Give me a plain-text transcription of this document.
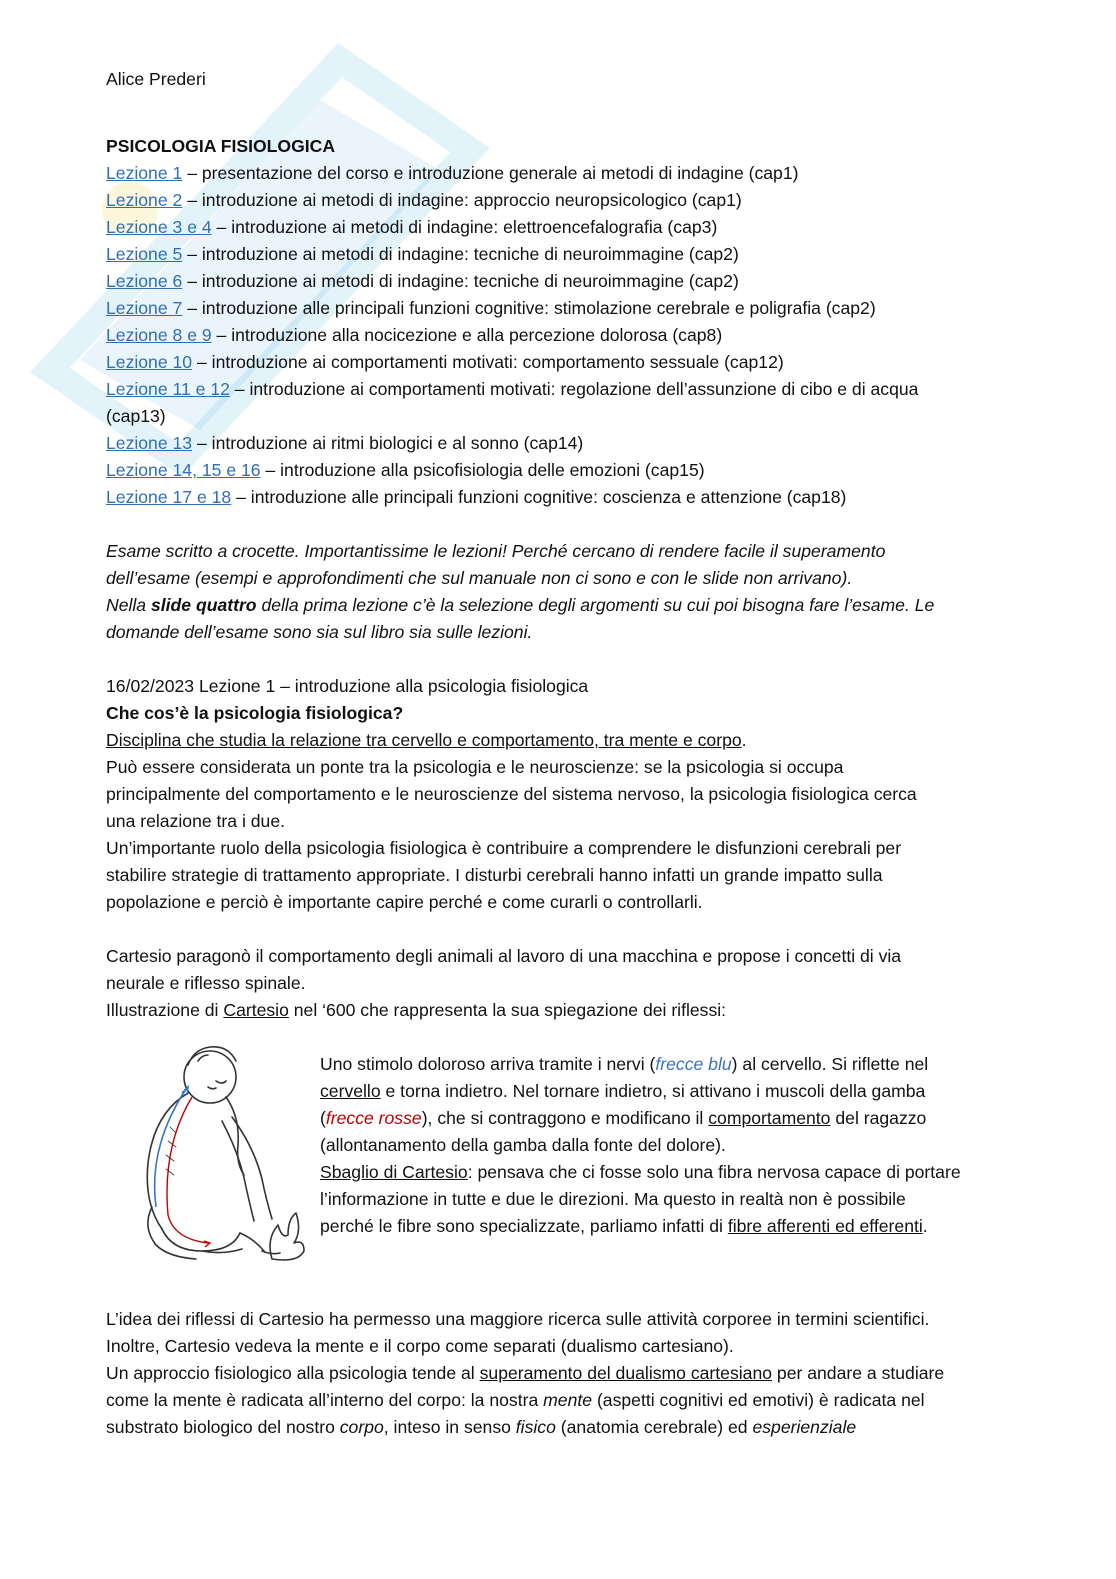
Alice Prederi
PSICOLOGIA FISIOLOGICA
Lezione 1 – presentazione del corso e introduzione generale ai metodi di indagine (cap1)
Lezione 2 – introduzione ai metodi di indagine: approccio neuropsicologico (cap1)
Lezione 3 e 4 – introduzione ai metodi di indagine: elettroencefalografia (cap3)
Lezione 5 – introduzione ai metodi di indagine: tecniche di neuroimmagine (cap2)
Lezione 6 – introduzione ai metodi di indagine: tecniche di neuroimmagine (cap2)
Lezione 7 – introduzione alle principali funzioni cognitive: stimolazione cerebrale e poligrafia (cap2)
Lezione 8 e 9 – introduzione alla nocicezione e alla percezione dolorosa (cap8)
Lezione 10 – introduzione ai comportamenti motivati: comportamento sessuale (cap12)
Lezione 11 e 12 – introduzione ai comportamenti motivati: regolazione dell’assunzione di cibo e di acqua
(cap13)
Lezione 13 – introduzione ai ritmi biologici e al sonno (cap14)
Lezione 14, 15 e 16 – introduzione alla psicofisiologia delle emozioni (cap15)
Lezione 17 e 18 – introduzione alle principali funzioni cognitive: coscienza e attenzione (cap18)
Esame scritto a crocette. Importantissime le lezioni! Perché cercano di rendere facile il superamento
dell’esame (esempi e approfondimenti che sul manuale non ci sono e con le slide non arrivano).
Nella slide quattro della prima lezione c’è la selezione degli argomenti su cui poi bisogna fare l’esame. Le
domande dell’esame sono sia sul libro sia sulle lezioni.
16/02/2023 Lezione 1 – introduzione alla psicologia fisiologica
Che cos’è la psicologia fisiologica?
Disciplina che studia la relazione tra cervello e comportamento, tra mente e corpo.
Può essere considerata un ponte tra la psicologia e le neuroscienze: se la psicologia si occupa
principalmente del comportamento e le neuroscienze del sistema nervoso, la psicologia fisiologica cerca
una relazione tra i due.
Un’importante ruolo della psicologia fisiologica è contribuire a comprendere le disfunzioni cerebrali per
stabilire strategie di trattamento appropriate. I disturbi cerebrali hanno infatti un grande impatto sulla
popolazione e perciò è importante capire perché e come curarli o controllarli.
Cartesio paragonò il comportamento degli animali al lavoro di una macchina e propose i concetti di via
neurale e riflesso spinale.
Illustrazione di Cartesio nel ‘600 che rappresenta la sua spiegazione dei riflessi:
Uno stimolo doloroso arriva tramite i nervi (frecce blu) al cervello. Si riflette nel
cervello e torna indietro. Nel tornare indietro, si attivano i muscoli della gamba
(frecce rosse), che si contraggono e modificano il comportamento del ragazzo
(allontanamento della gamba dalla fonte del dolore).
Sbaglio di Cartesio: pensava che ci fosse solo una fibra nervosa capace di portare
l’informazione in tutte e due le direzioni. Ma questo in realtà non è possibile
perché le fibre sono specializzate, parliamo infatti di fibre afferenti ed efferenti.
L’idea dei riflessi di Cartesio ha permesso una maggiore ricerca sulle attività corporee in termini scientifici.
Inoltre, Cartesio vedeva la mente e il corpo come separati (dualismo cartesiano).
Un approccio fisiologico alla psicologia tende al superamento del dualismo cartesiano per andare a studiare
come la mente è radicata all’interno del corpo: la nostra mente (aspetti cognitivi ed emotivi) è radicata nel
substrato biologico del nostro corpo, inteso in senso fisico (anatomia cerebrale) ed esperienziale
